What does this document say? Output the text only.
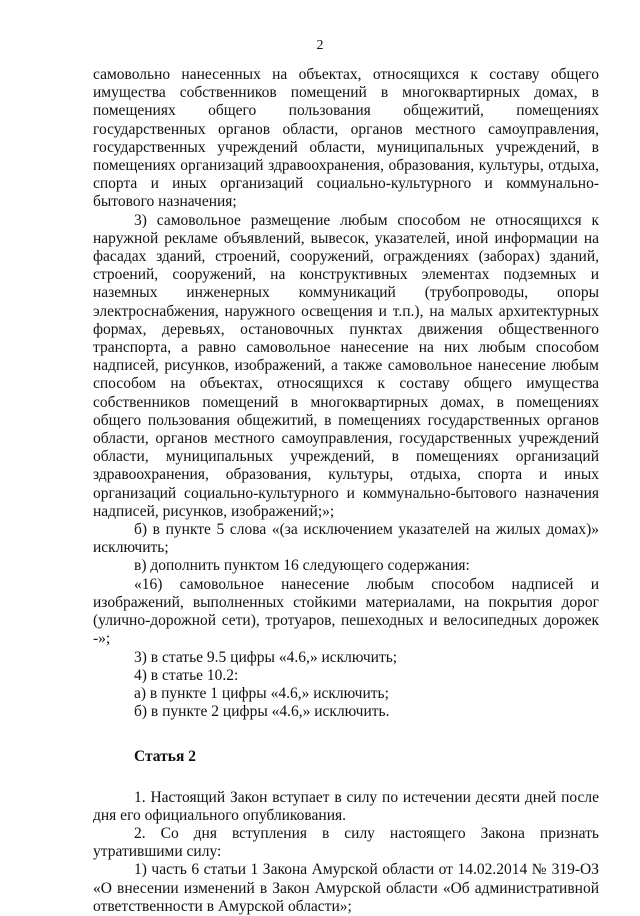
2

самовольно нанесенных на объектах, относящихся к составу общего имущества собственников помещений в многоквартирных домах, в помещениях общего пользования общежитий, помещениях государственных органов области, органов местного самоуправления, государственных учреждений области, муниципальных учреждений, в помещениях организаций здравоохранения, образования, культуры, отдыха, спорта и иных организаций социально-культурного и коммунально-бытового назначения;

3) самовольное размещение любым способом не относящихся к наружной рекламе объявлений, вывесок, указателей, иной информации на фасадах зданий, строений, сооружений, ограждениях (заборах) зданий, строений, сооружений, на конструктивных элементах подземных и наземных инженерных коммуникаций (трубопроводы, опоры электроснабжения, наружного освещения и т.п.), на малых архитектурных формах, деревьях, остановочных пунктах движения общественного транспорта, а равно самовольное нанесение на них любым способом надписей, рисунков, изображений, а также самовольное нанесение любым способом на объектах, относящихся к составу общего имущества собственников помещений в многоквартирных домах, в помещениях общего пользования общежитий, в помещениях государственных органов области, органов местного самоуправления, государственных учреждений области, муниципальных учреждений, в помещениях организаций здравоохранения, образования, культуры, отдыха, спорта и иных организаций социально-культурного и коммунально-бытового назначения надписей, рисунков, изображений;»;

б) в пункте 5 слова «(за исключением указателей на жилых домах)» исключить;

в) дополнить пунктом 16 следующего содержания:

«16) самовольное нанесение любым способом надписей и изображений, выполненных стойкими материалами, на покрытия дорог (улично-дорожной сети), тротуаров, пешеходных и велосипедных дорожек -»;

3) в статье 9.5 цифры «4.6,» исключить;

4) в статье 10.2:

а) в пункте 1 цифры «4.6,» исключить;

б) в пункте 2 цифры «4.6,» исключить.

Статья 2

1. Настоящий Закон вступает в силу по истечении десяти дней после дня его официального опубликования.

2. Со дня вступления в силу настоящего Закона признать утратившими силу:

1) часть 6 статьи 1 Закона Амурской области от 14.02.2014 № 319-ОЗ «О внесении изменений в Закон Амурской области «Об административной ответственности в Амурской области»;
